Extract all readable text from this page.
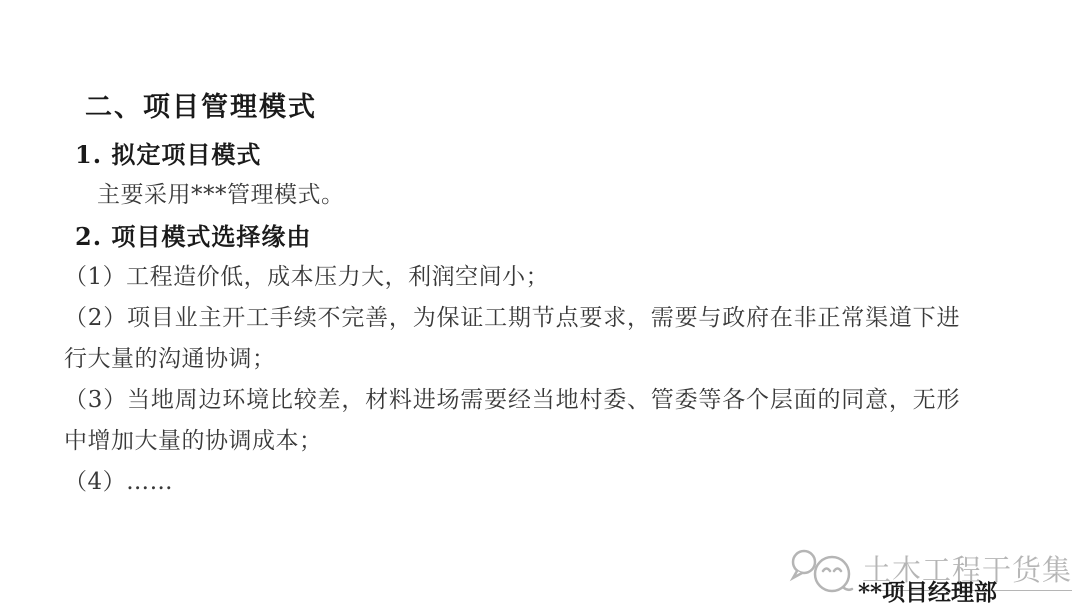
二、项目管理模式
1. 拟定项目模式

主要采用***管理模式。

2. 项目模式选择缘由

（1）工程造价低，成本压力大，利润空间小；

（2）项目业主开工手续不完善，为保证工期节点要求，需要与政府在非正常渠道下进行大量的沟通协调；

（3）当地周边环境比较差，材料进场需要经当地村委、管委等各个层面的同意，无形中增加大量的协调成本；

（4）……

土木工程干货集
**项目经理部
